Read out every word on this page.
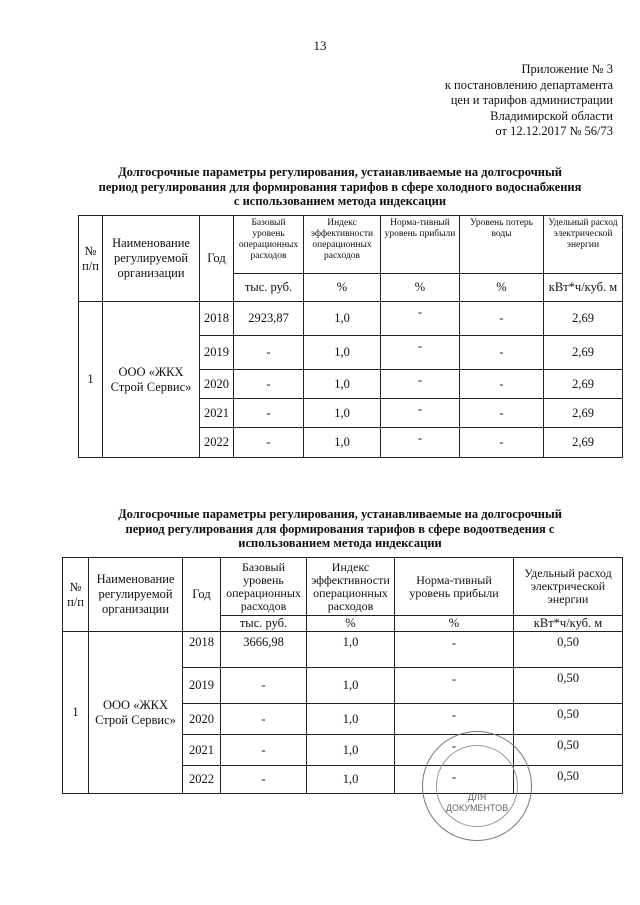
13
Приложение № 3
к постановлению департамента
цен и тарифов администрации
Владимирской области
от 12.12.2017 № 56/73
Долгосрочные параметры регулирования, устанавливаемые на долгосрочный
период регулирования для формирования тарифов в сфере холодного водоснабжения
с использованием метода индексации
№ п/п	Наименование регулируемой организации	Год	Базовый уровень операционных расходов	Индекс эффективности операционных расходов	Норма-тивный уровень прибыли	Уровень потерь воды	Удельный расход электрической энергии
			тыс. руб.	%	%	%	кВт*ч/куб. м
1	ООО «ЖКХ Строй Сервис»	2018	2923,87	1,0	-	-	2,69
		2019	-	1,0	-	-	2,69
		2020	-	1,0	-	-	2,69
		2021	-	1,0	-	-	2,69
		2022	-	1,0	-	-	2,69
Долгосрочные параметры регулирования, устанавливаемые на долгосрочный
период регулирования для формирования тарифов в сфере водоотведения с
использованием метода индексации
№ п/п	Наименование регулируемой организации	Год	Базовый уровень операционных расходов	Индекс эффективности операционных расходов	Норма-тивный уровень прибыли	Удельный расход электрической энергии
			тыс. руб.	%	%	кВт*ч/куб. м
1	ООО «ЖКХ Строй Сервис»	2018	3666,98	1,0	-	0,50
		2019	-	1,0	-	0,50
		2020	-	1,0	-	0,50
		2021	-	1,0	-	0,50
		2022	-	1,0	-	0,50
ДЛЯ
ДОКУМЕНТОВ
